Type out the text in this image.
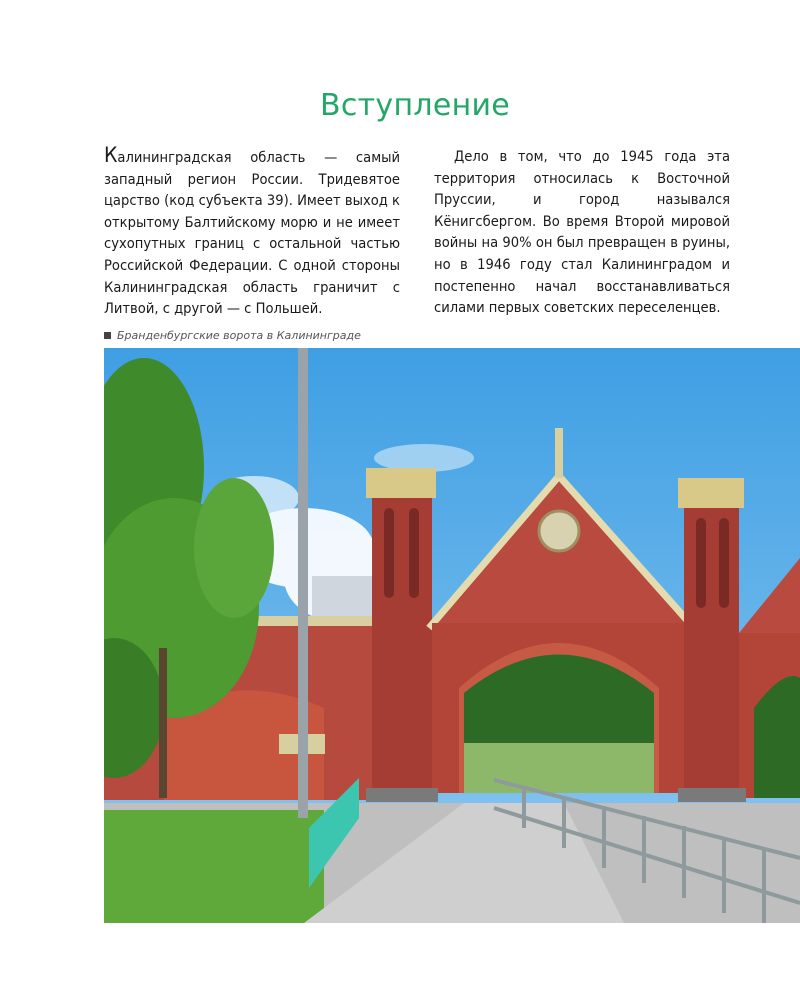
Вступление

Калининградская область — самый западный регион России. Тридевятое царство (код субъекта 39). Имеет выход к открытому Балтийскому морю и не имеет сухопутных границ с остальной частью Российской Федерации. С одной стороны Калининградская область граничит с Литвой, с другой — с Польшей.

Дело в том, что до 1945 года эта территория относилась к Восточной Пруссии, и город назывался Кёнигсбергом. Во время Второй мировой войны на 90% он был превращен в руины, но в 1946 году стал Калининградом и постепенно начал восстанавливаться силами первых советских переселенцев.

Бранденбургские ворота в Калининграде
